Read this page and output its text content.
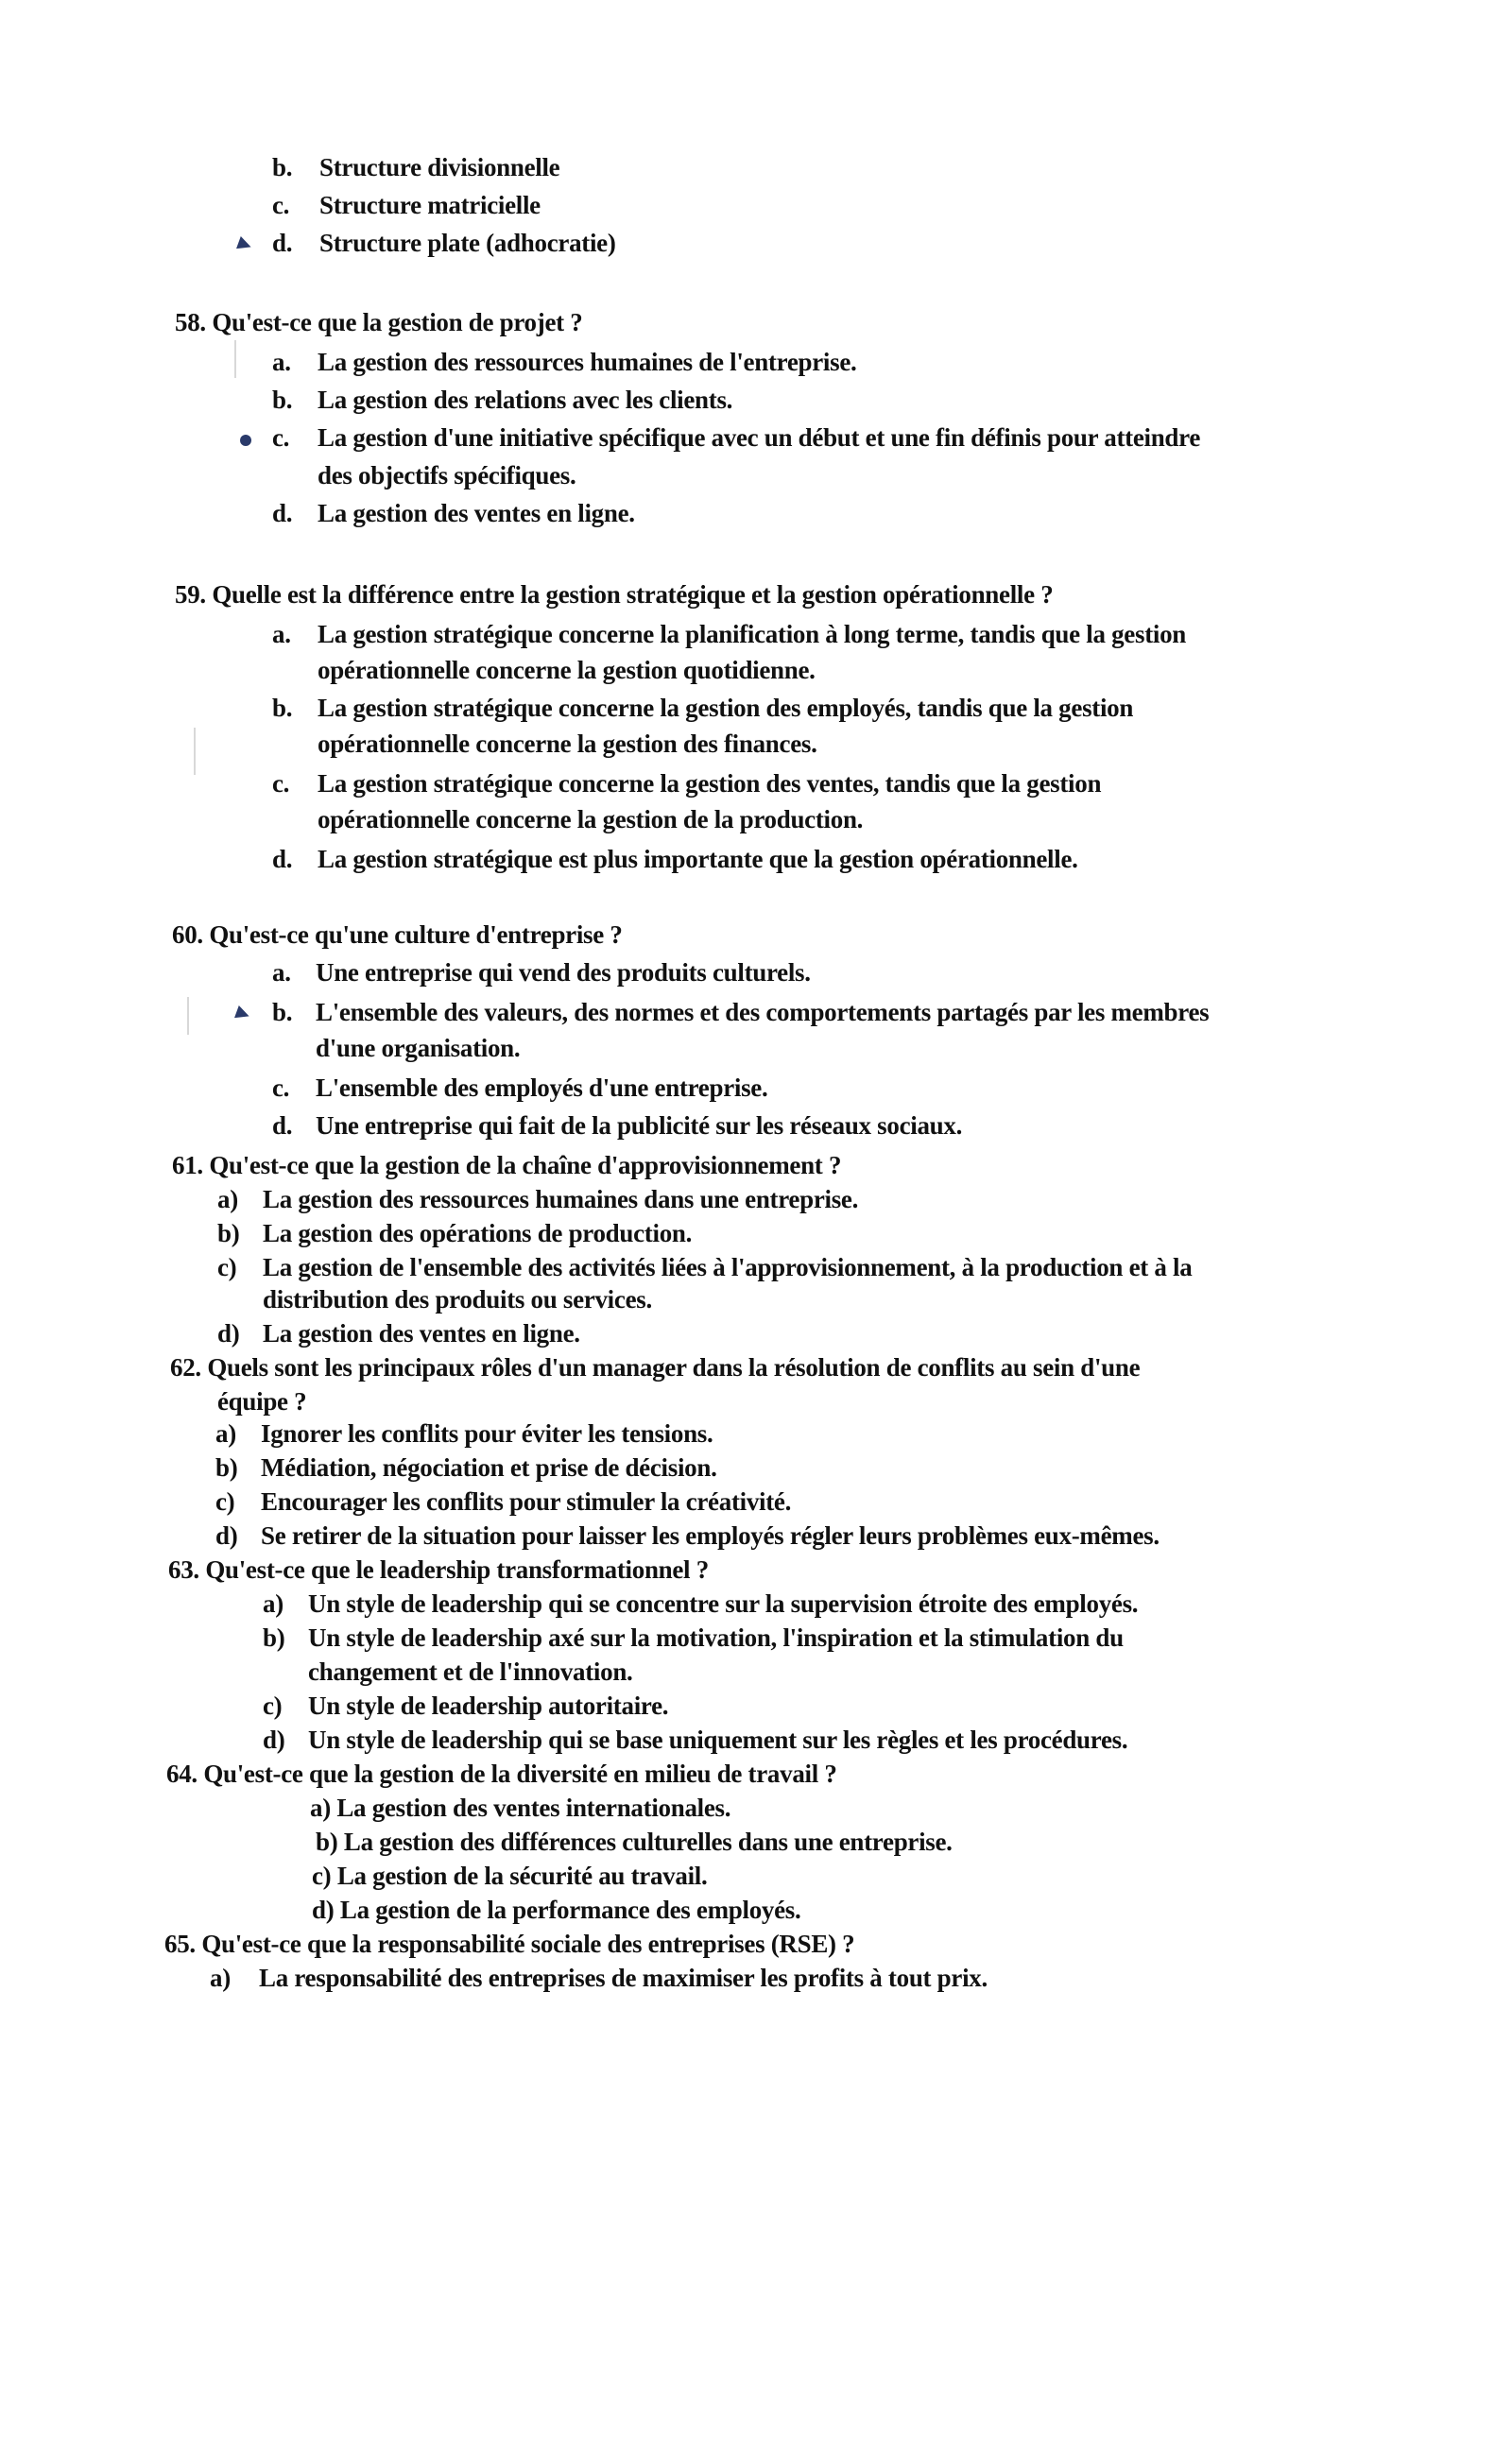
b. Structure divisionnelle
c. Structure matricielle
d. Structure plate (adhocratie)
58. Qu'est-ce que la gestion de projet ?
a. La gestion des ressources humaines de l'entreprise.
b. La gestion des relations avec les clients.
c. La gestion d'une initiative spécifique avec un début et une fin définis pour atteindre
des objectifs spécifiques.
d. La gestion des ventes en ligne.
59. Quelle est la différence entre la gestion stratégique et la gestion opérationnelle ?
a. La gestion stratégique concerne la planification à long terme, tandis que la gestion
opérationnelle concerne la gestion quotidienne.
b. La gestion stratégique concerne la gestion des employés, tandis que la gestion
opérationnelle concerne la gestion des finances.
c. La gestion stratégique concerne la gestion des ventes, tandis que la gestion
opérationnelle concerne la gestion de la production.
d. La gestion stratégique est plus importante que la gestion opérationnelle.
60. Qu'est-ce qu'une culture d'entreprise ?
a. Une entreprise qui vend des produits culturels.
b. L'ensemble des valeurs, des normes et des comportements partagés par les membres
d'une organisation.
c. L'ensemble des employés d'une entreprise.
d. Une entreprise qui fait de la publicité sur les réseaux sociaux.
61. Qu'est-ce que la gestion de la chaîne d'approvisionnement ?
a) La gestion des ressources humaines dans une entreprise.
b) La gestion des opérations de production.
c) La gestion de l'ensemble des activités liées à l'approvisionnement, à la production et à la
distribution des produits ou services.
d) La gestion des ventes en ligne.
62. Quels sont les principaux rôles d'un manager dans la résolution de conflits au sein d'une
équipe ?
a) Ignorer les conflits pour éviter les tensions.
b) Médiation, négociation et prise de décision.
c) Encourager les conflits pour stimuler la créativité.
d) Se retirer de la situation pour laisser les employés régler leurs problèmes eux-mêmes.
63. Qu'est-ce que le leadership transformationnel ?
a) Un style de leadership qui se concentre sur la supervision étroite des employés.
b) Un style de leadership axé sur la motivation, l'inspiration et la stimulation du
changement et de l'innovation.
c) Un style de leadership autoritaire.
d) Un style de leadership qui se base uniquement sur les règles et les procédures.
64. Qu'est-ce que la gestion de la diversité en milieu de travail ?
a) La gestion des ventes internationales.
b) La gestion des différences culturelles dans une entreprise.
c) La gestion de la sécurité au travail.
d) La gestion de la performance des employés.
65. Qu'est-ce que la responsabilité sociale des entreprises (RSE) ?
a) La responsabilité des entreprises de maximiser les profits à tout prix.
